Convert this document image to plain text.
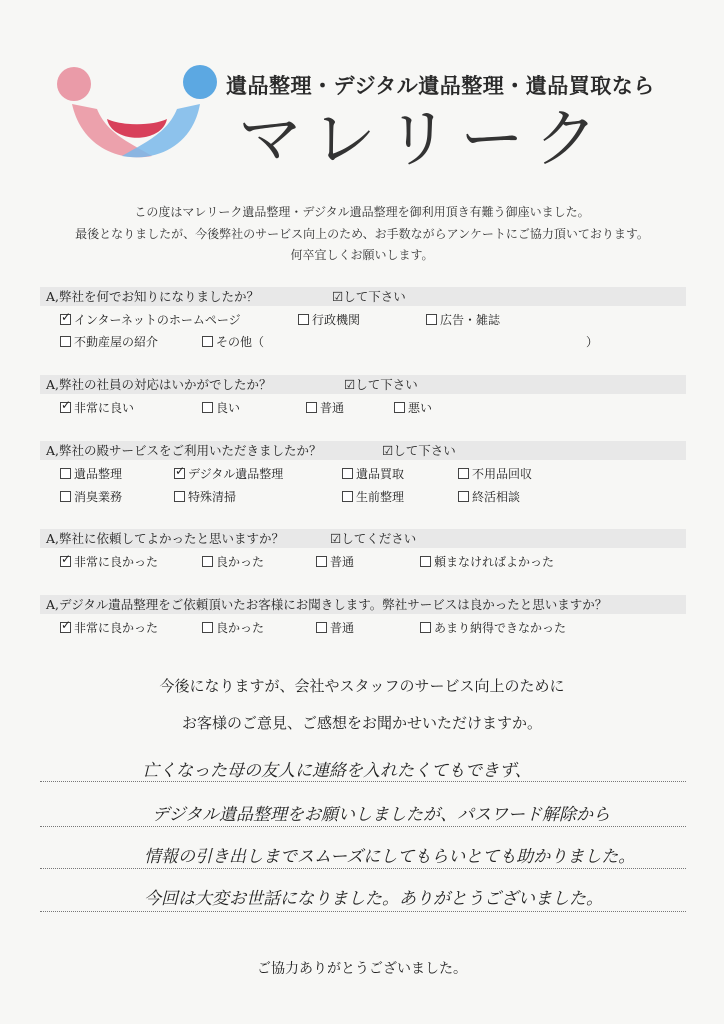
遺品整理・デジタル遺品整理・遺品買取なら
マレリーク
この度はマレリーク遺品整理・デジタル遺品整理を御利用頂き有難う御座いました。
最後となりましたが、今後弊社のサービス向上のため、お手数ながらアンケートにご協力頂いております。
何卒宜しくお願いします。
A,弊社を何でお知りになりましたか？	☑して下さい
✓インターネットのホームページ	行政機関	広告・雑誌
不動産屋の紹介	その他（	）
A,弊社の社員の対応はいかがでしたか？	☑して下さい
✓非常に良い	良い	普通	悪い
A,弊社の殿サービスをご利用いただきましたか？	☑して下さい
遺品整理
✓	デジタル遺品整理	遺品買取	不用品回収
消臭業務	特殊清掃	生前整理	終活相談
A,弊社に依頼してよかったと思いますか？	☑してください
✓非常に良かった	良かった	普通	頼まなければよかった
A,デジタル遺品整理をご依頼頂いたお客様にお聞きします。弊社サービスは良かったと思いますか？
✓非常に良かった	良かった	普通	あまり納得できなかった
今後になりますが、会社やスタッフのサービス向上のために
お客様のご意見、ご感想をお聞かせいただけますか。
亡くなった母の友人に連絡を入れたくてもできず、
デジタル遺品整理をお願いしましたが、パスワード解除から
情報の引き出しまでスムーズにしてもらいとても助かりました。
今回は大変お世話になりました。ありがとうございました。
ご協力ありがとうございました。
